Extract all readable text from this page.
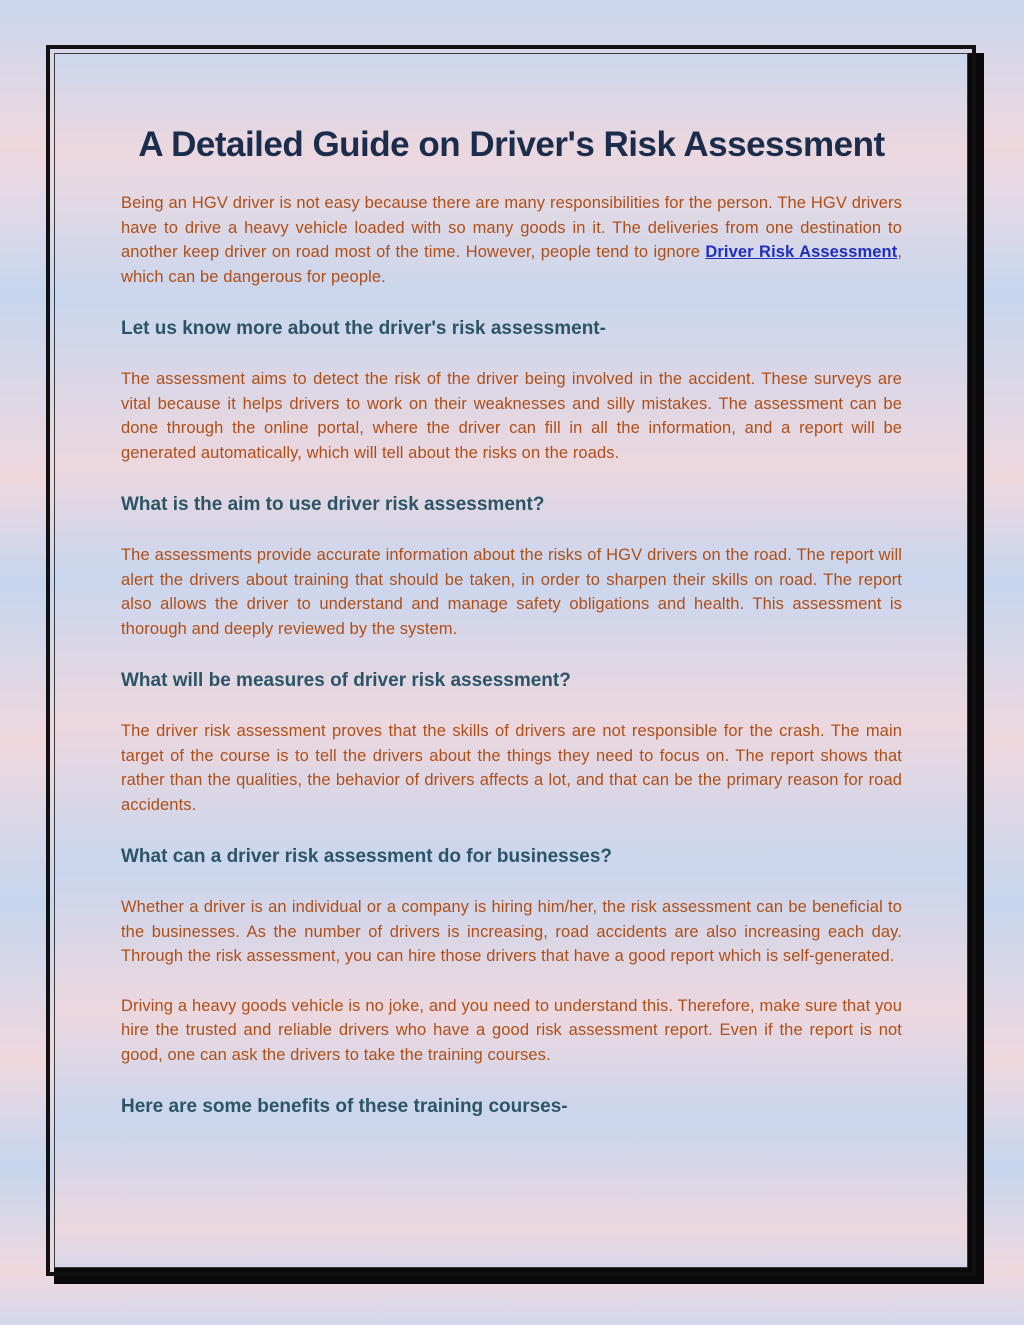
A Detailed Guide on Driver's Risk Assessment

Being an HGV driver is not easy because there are many responsibilities for the person. The HGV drivers have to drive a heavy vehicle loaded with so many goods in it. The deliveries from one destination to another keep driver on road most of the time. However, people tend to ignore Driver Risk Assessment, which can be dangerous for people.

Let us know more about the driver's risk assessment-

The assessment aims to detect the risk of the driver being involved in the accident. These surveys are vital because it helps drivers to work on their weaknesses and silly mistakes. The assessment can be done through the online portal, where the driver can fill in all the information, and a report will be generated automatically, which will tell about the risks on the roads.

What is the aim to use driver risk assessment?

The assessments provide accurate information about the risks of HGV drivers on the road. The report will alert the drivers about training that should be taken, in order to sharpen their skills on road. The report also allows the driver to understand and manage safety obligations and health. This assessment is thorough and deeply reviewed by the system.

What will be measures of driver risk assessment?

The driver risk assessment proves that the skills of drivers are not responsible for the crash. The main target of the course is to tell the drivers about the things they need to focus on. The report shows that rather than the qualities, the behavior of drivers affects a lot, and that can be the primary reason for road accidents.

What can a driver risk assessment do for businesses?

Whether a driver is an individual or a company is hiring him/her, the risk assessment can be beneficial to the businesses. As the number of drivers is increasing, road accidents are also increasing each day. Through the risk assessment, you can hire those drivers that have a good report which is self-generated.

Driving a heavy goods vehicle is no joke, and you need to understand this. Therefore, make sure that you hire the trusted and reliable drivers who have a good risk assessment report. Even if the report is not good, one can ask the drivers to take the training courses.

Here are some benefits of these training courses-
